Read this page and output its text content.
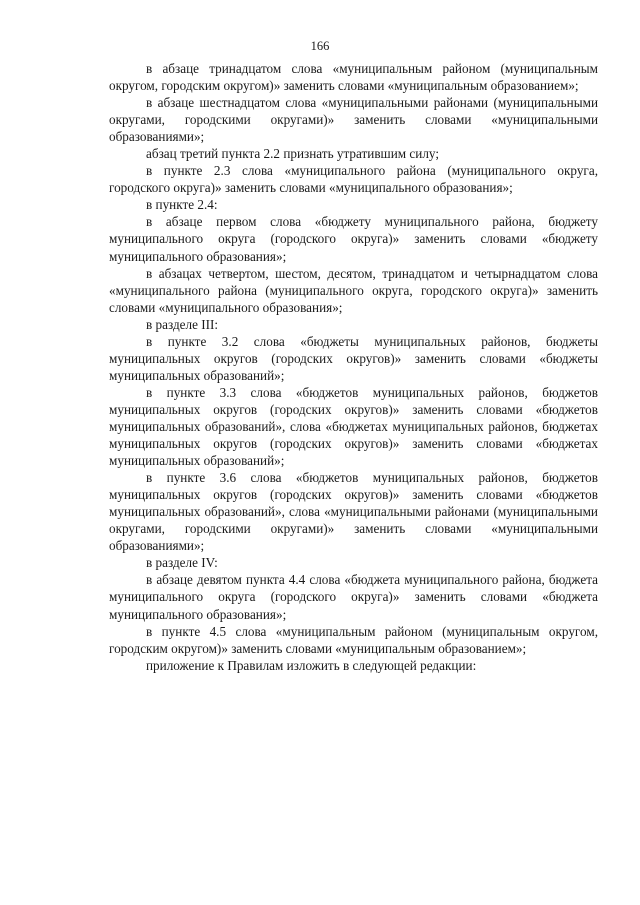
166

в абзаце тринадцатом слова «муниципальным районом (муниципальным округом, городским округом)» заменить словами «муниципальным образованием»;

в абзаце шестнадцатом слова «муниципальными районами (муниципальными округами, городскими округами)» заменить словами «муниципальными образованиями»;

абзац третий пункта 2.2 признать утратившим силу;

в пункте 2.3 слова «муниципального района (муниципального округа, городского округа)» заменить словами «муниципального образования»;

в пункте 2.4:

в абзаце первом слова «бюджету муниципального района, бюджету муниципального округа (городского округа)» заменить словами «бюджету муниципального образования»;

в абзацах четвертом, шестом, десятом, тринадцатом и четырнадцатом слова «муниципального района (муниципального округа, городского округа)» заменить словами «муниципального образования»;

в разделе III:

в пункте 3.2 слова «бюджеты муниципальных районов, бюджеты муниципальных округов (городских округов)» заменить словами «бюджеты муниципальных образований»;

в пункте 3.3 слова «бюджетов муниципальных районов, бюджетов муниципальных округов (городских округов)» заменить словами «бюджетов муниципальных образований», слова «бюджетах муниципальных районов, бюджетах муниципальных округов (городских округов)» заменить словами «бюджетах муниципальных образований»;

в пункте 3.6 слова «бюджетов муниципальных районов, бюджетов муниципальных округов (городских округов)» заменить словами «бюджетов муниципальных образований», слова «муниципальными районами (муниципальными округами, городскими округами)» заменить словами «муниципальными образованиями»;

в разделе IV:

в абзаце девятом пункта 4.4 слова «бюджета муниципального района, бюджета муниципального округа (городского округа)» заменить словами «бюджета муниципального образования»;

в пункте 4.5 слова «муниципальным районом (муниципальным округом, городским округом)» заменить словами «муниципальным образованием»;

приложение к Правилам изложить в следующей редакции:
